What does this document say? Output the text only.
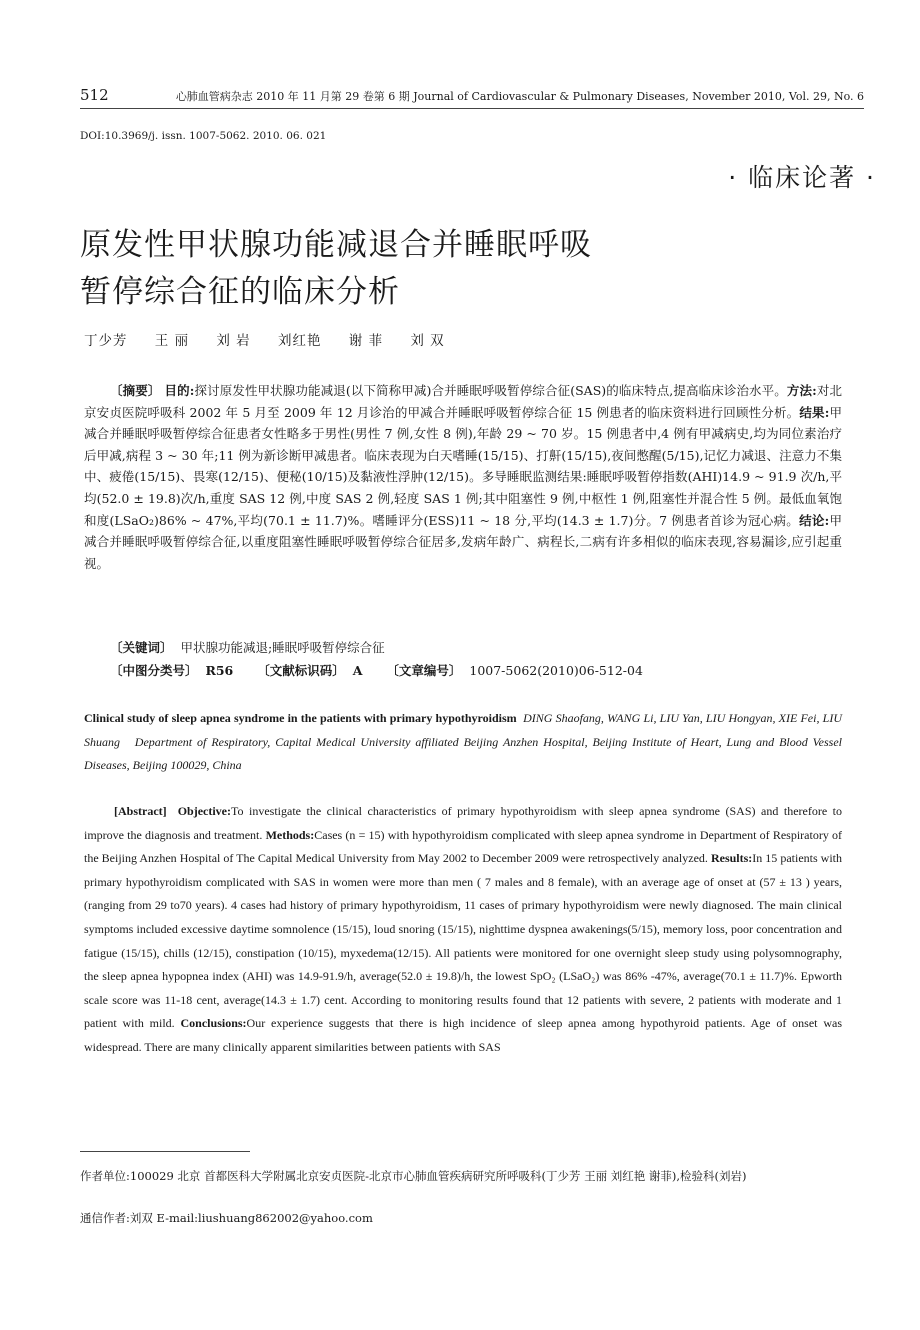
512	心肺血管病杂志 2010 年 11 月第 29 卷第 6 期 Journal of Cardiovascular & Pulmonary Diseases, November 2010, Vol. 29, No. 6
DOI:10.3969/j. issn. 1007-5062. 2010. 06. 021
· 临床论著 ·
原发性甲状腺功能减退合并睡眠呼吸
暂停综合征的临床分析
丁少芳 王 丽 刘 岩 刘红艳 谢 菲 刘 双

〔摘要〕 目的:探讨原发性甲状腺功能减退(以下简称甲减)合并睡眠呼吸暂停综合征(SAS)的临床特点,提高临床诊治水平。方法:对北京安贞医院呼吸科 2002 年 5 月至 2009 年 12 月诊治的甲减合并睡眠呼吸暂停综合征 15 例患者的临床资料进行回顾性分析。结果:甲减合并睡眠呼吸暂停综合征患者女性略多于男性(男性 7 例,女性 8 例),年龄 29 ~ 70 岁。15 例患者中,4 例有甲减病史,均为同位素治疗后甲减,病程 3 ~ 30 年;11 例为新诊断甲减患者。临床表现为白天嗜睡(15/15)、打鼾(15/15),夜间憋醒(5/15),记忆力减退、注意力不集中、疲倦(15/15)、畏寒(12/15)、便秘(10/15)及黏液性浮肿(12/15)。多导睡眠监测结果:睡眠呼吸暂停指数(AHI)14.9 ~ 91.9 次/h,平均(52.0 ± 19.8)次/h,重度 SAS 12 例,中度 SAS 2 例,轻度 SAS 1 例;其中阻塞性 9 例,中枢性 1 例,阻塞性并混合性 5 例。最低血氧饱和度(LSaO₂)86% ~ 47%,平均(70.1 ± 11.7)%。嗜睡评分(ESS)11 ~ 18 分,平均(14.3 ± 1.7)分。7 例患者首诊为冠心病。结论:甲减合并睡眠呼吸暂停综合征,以重度阻塞性睡眠呼吸暂停综合征居多,发病年龄广、病程长,二病有许多相似的临床表现,容易漏诊,应引起重视。

〔关键词〕 甲状腺功能减退;睡眠呼吸暂停综合征
〔中图分类号〕 R56 〔文献标识码〕 A 〔文章编号〕 1007-5062(2010)06-512-04

Clinical study of sleep apnea syndrome in the patients with primary hypothyroidism DING Shaofang, WANG Li, LIU Yan, LIU Hongyan, XIE Fei, LIU Shuang Department of Respiratory, Capital Medical University affiliated Beijing Anzhen Hospital, Beijing Institute of Heart, Lung and Blood Vessel Diseases, Beijing 100029, China

[Abstract] Objective:To investigate the clinical characteristics of primary hypothyroidism with sleep apnea syndrome (SAS) and therefore to improve the diagnosis and treatment. Methods:Cases (n = 15) with hypothyroidism complicated with sleep apnea syndrome in Department of Respiratory of the Beijing Anzhen Hospital of The Capital Medical University from May 2002 to December 2009 were retrospectively analyzed. Results:In 15 patients with primary hypothyroidism complicated with SAS in women were more than men ( 7 males and 8 female), with an average age of onset at (57 ± 13 ) years, (ranging from 29 to70 years). 4 cases had history of primary hypothyroidism, 11 cases of primary hypothyroidism were newly diagnosed. The main clinical symptoms included excessive daytime somnolence (15/15), loud snoring (15/15), nighttime dyspnea awakenings(5/15), memory loss, poor concentration and fatigue (15/15), chills (12/15), constipation (10/15), myxedema(12/15). All patients were monitored for one overnight sleep study using polysomnography, the sleep apnea hypopnea index (AHI) was 14.9-91.9/h, average(52.0 ± 19.8)/h, the lowest SpO₂ (LSaO₂) was 86% -47%, average(70.1 ± 11.7)%. Epworth scale score was 11-18 cent, average(14.3 ± 1.7) cent. According to monitoring results found that 12 patients with severe, 2 patients with moderate and 1 patient with mild. Conclusions:Our experience suggests that there is high incidence of sleep apnea among hypothyroid patients. Age of onset was widespread. There are many clinically apparent similarities between patients with SAS

作者单位:100029 北京 首都医科大学附属北京安贞医院-北京市心肺血管疾病研究所呼吸科(丁少芳 王丽 刘红艳 谢菲),检验科(刘岩)

通信作者:刘双 E-mail:liushuang862002@yahoo.com
